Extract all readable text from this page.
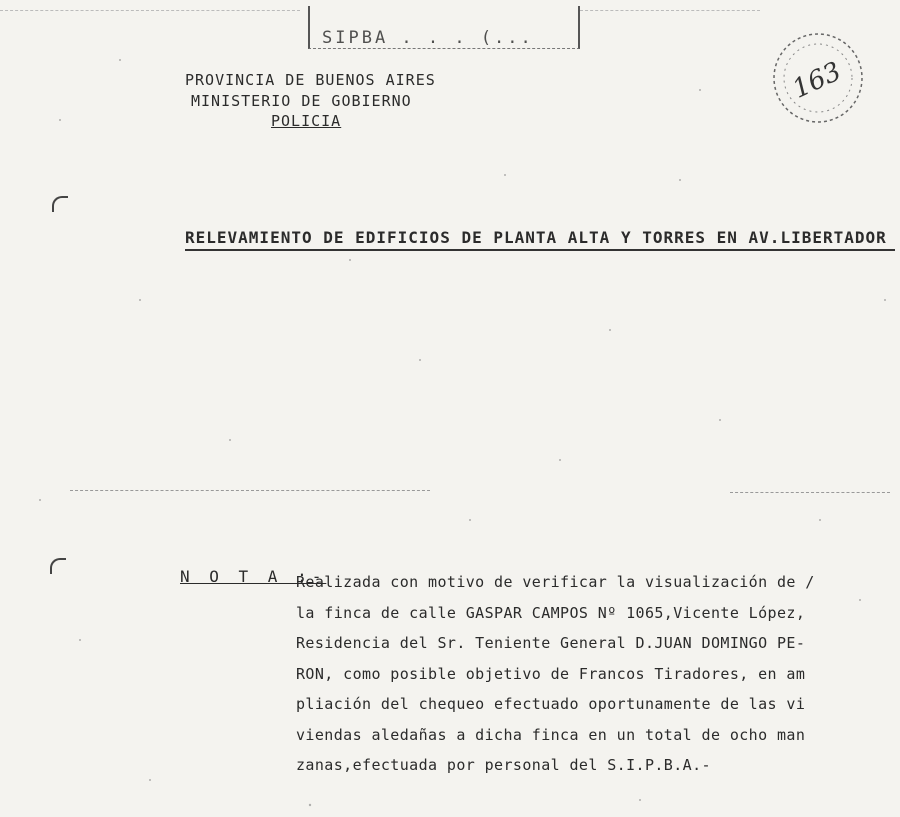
SIPBA . . . (...
PROVINCIA DE BUENOS AIRES
MINISTERIO DE GOBIERNO
POLICIA
163
RELEVAMIENTO DE EDIFICIOS DE PLANTA ALTA Y TORRES EN AV.LIBERTADOR
N O T A :-
Realizada con motivo de verificar la visualización de /
la finca de calle GASPAR CAMPOS Nº 1065,Vicente López,
Residencia del Sr. Teniente General D.JUAN DOMINGO PE-
RON, como posible objetivo de Francos Tiradores, en am
pliación del chequeo efectuado oportunamente de las vi
viendas aledañas a dicha finca en un total de ocho man
zanas,efectuada por personal del S.I.P.B.A.-
